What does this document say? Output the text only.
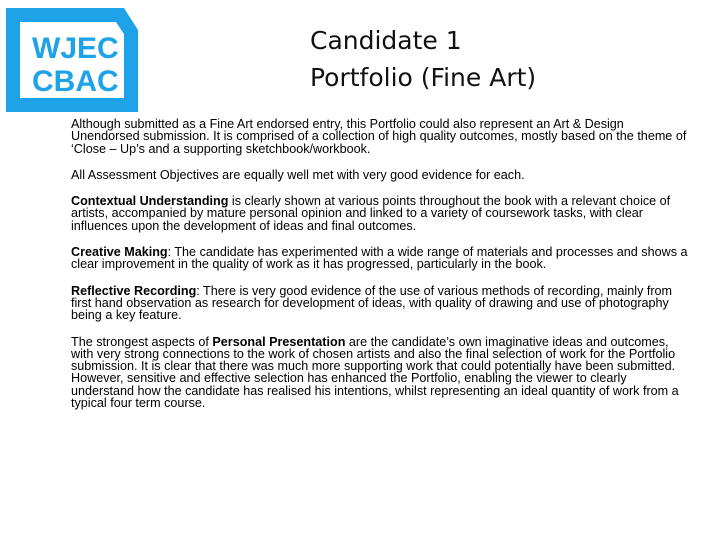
WJEC
CBAC
Candidate 1
Portfolio (Fine Art)

Although submitted as a Fine Art endorsed entry, this Portfolio could also represent an Art & Design Unendorsed submission. It is comprised of a collection of high quality outcomes, mostly based on the theme of ‘Close – Up’s and a supporting sketchbook/workbook.

All Assessment Objectives are equally well met with very good evidence for each.

Contextual Understanding is clearly shown at various points throughout the book with a relevant choice of artists, accompanied by mature personal opinion and linked to a variety of coursework tasks, with clear influences upon the development of ideas and final outcomes.

Creative Making: The candidate has experimented with a wide range of materials and processes and shows a clear improvement in the quality of work as it has progressed, particularly in the book.

Reflective Recording: There is very good evidence of the use of various methods of recording, mainly from first hand observation as research for development of ideas, with quality of drawing and use of photography being a key feature.

The strongest aspects of Personal Presentation are the candidate’s own imaginative ideas and outcomes, with very strong connections to the work of chosen artists and also the final selection of work for the Portfolio submission. It is clear that there was much more supporting work that could potentially have been submitted. However, sensitive and effective selection has enhanced the Portfolio, enabling the viewer to clearly understand how the candidate has realised his intentions, whilst representing an ideal quantity of work from a typical four term course.
